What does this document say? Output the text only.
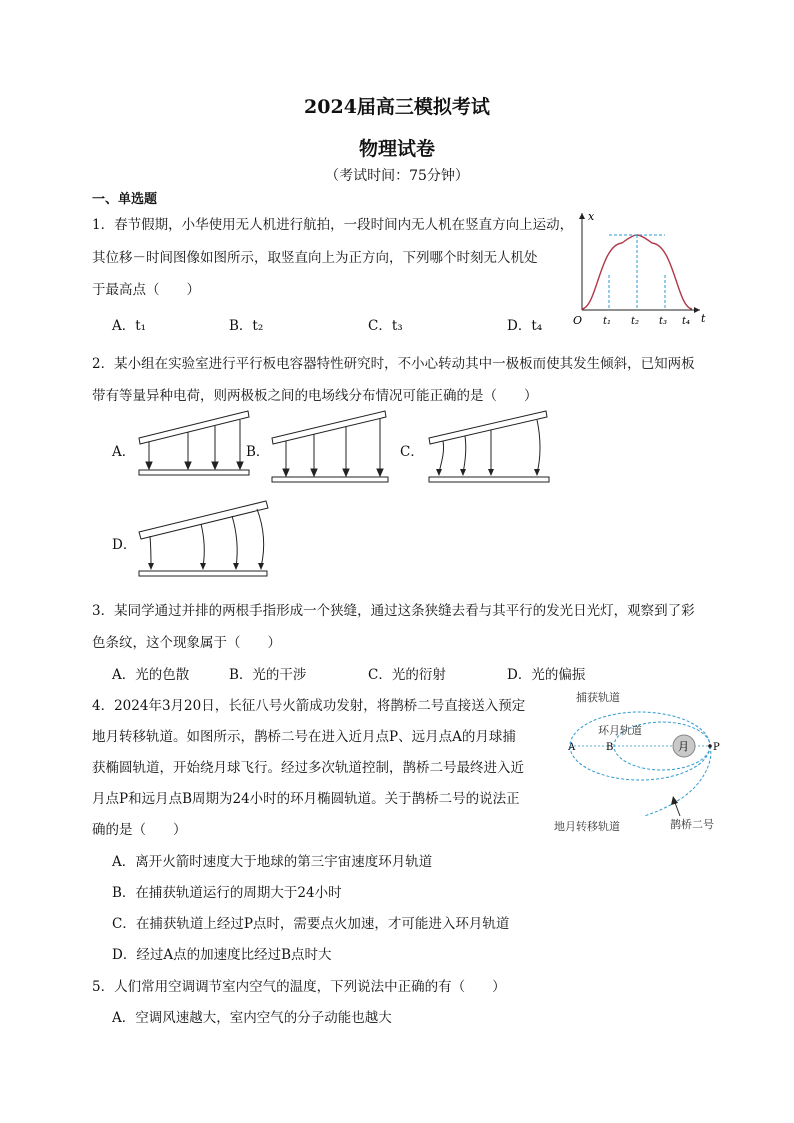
2024届高三模拟考试
物理试卷
（考试时间：75分钟）
一、单选题
1．春节假期，小华使用无人机进行航拍，一段时间内无人机在竖直方向上运动，
其位移－时间图像如图所示，取竖直向上为正方向，下列哪个时刻无人机处
于最高点（　　）
A．t₁	B．t₂	C．t₃	D．t₄
x
O	t
t₁ t₂ t₃ t₄
2．某小组在实验室进行平行板电容器特性研究时，不小心转动其中一极板而使其发生倾斜，已知两板
带有等量异种电荷，则两极板之间的电场线分布情况可能正确的是（　　）
A．	B．	C．
D．
3．某同学通过并排的两根手指形成一个狭缝，通过这条狭缝去看与其平行的发光日光灯，观察到了彩
色条纹，这个现象属于（　　）
A．光的色散	B．光的干涉	C．光的衍射	D．光的偏振
4．2024年3月20日，长征八号火箭成功发射，将鹊桥二号直接送入预定
地月转移轨道。如图所示，鹊桥二号在进入近月点P、远月点A的月球捕
获椭圆轨道，开始绕月球飞行。经过多次轨道控制，鹊桥二号最终进入近
月点P和远月点B周期为24小时的环月椭圆轨道。关于鹊桥二号的说法正
确的是（　　）
月 P
A	B
捕获轨道
环月轨道
地月转移轨道	鹊桥二号
A．离开火箭时速度大于地球的第三宇宙速度环月轨道
B．在捕获轨道运行的周期大于24小时
C．在捕获轨道上经过P点时，需要点火加速，才可能进入环月轨道
D．经过A点的加速度比经过B点时大
5．人们常用空调调节室内空气的温度，下列说法中正确的有（　　）
A．空调风速越大，室内空气的分子动能也越大
